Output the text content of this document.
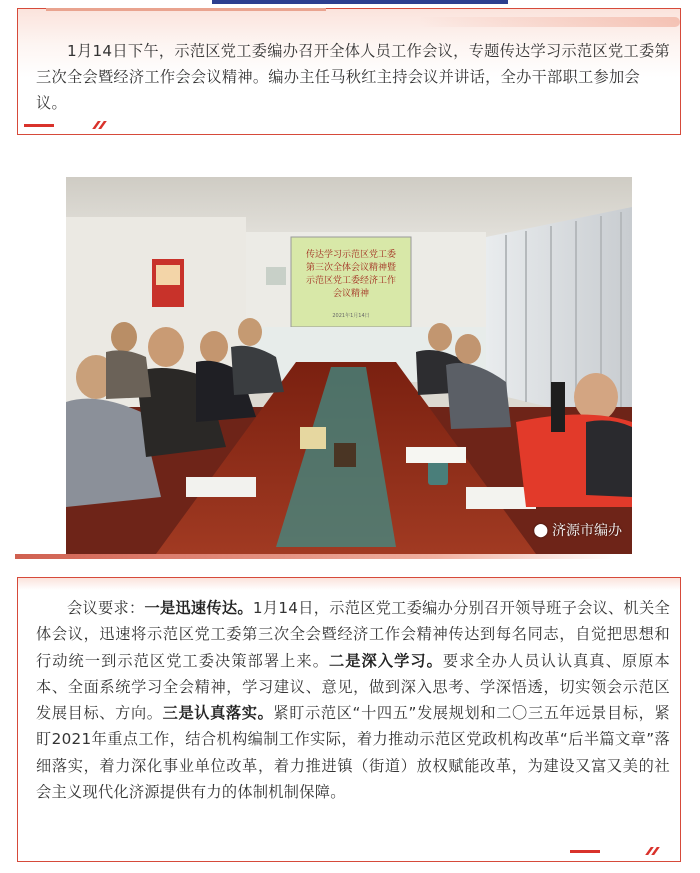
1月14日下午，示范区党工委编办召开全体人员工作会议，专题传达学习示范区党工委第三次全会暨经济工作会会议精神。编办主任马秋红主持会议并讲话，全办干部职工参加会议。

传达学习示范区党工委
第三次全体会议精神暨
示范区党工委经济工作
会议精神
2021年1月14日
⬤ 济源市编办

会议要求：一是迅速传达。1月14日，示范区党工委编办分别召开领导班子会议、机关全体会议，迅速将示范区党工委第三次全会暨经济工作会精神传达到每名同志，自觉把思想和行动统一到示范区党工委决策部署上来。二是深入学习。要求全办人员认认真真、原原本本、全面系统学习全会精神，学习建议、意见，做到深入思考、学深悟透，切实领会示范区发展目标、方向。三是认真落实。紧盯示范区“十四五”发展规划和二〇三五年远景目标，紧盯2021年重点工作，结合机构编制工作实际，着力推动示范区党政机构改革“后半篇文章”落细落实，着力深化事业单位改革，着力推进镇（街道）放权赋能改革，为建设又富又美的社会主义现代化济源提供有力的体制机制保障。
